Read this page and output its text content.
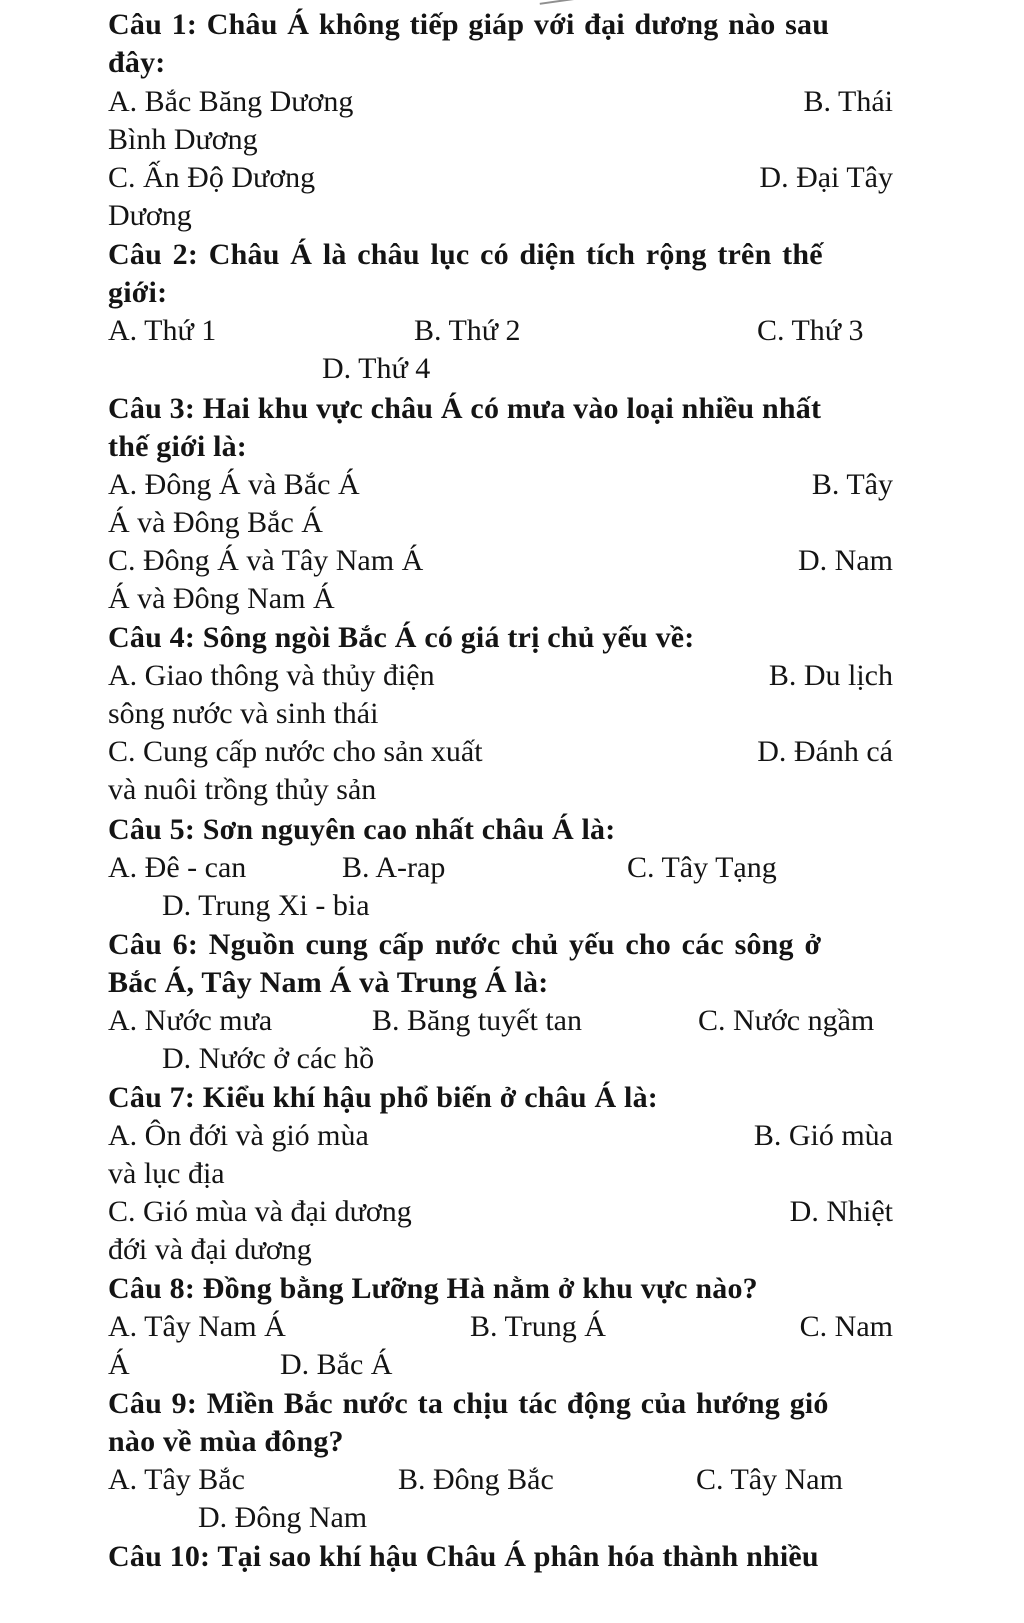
Câu 1: Châu Á không tiếp giáp với đại dương nào sau
đây:
A. Bắc Băng Dương	B. Thái
Bình Dương
C. Ấn Độ Dương	D. Đại Tây
Dương
Câu 2: Châu Á là châu lục có diện tích rộng trên thế
giới:
A. Thứ 1	B. Thứ 2	C. Thứ 3
D. Thứ 4
Câu 3: Hai khu vực châu Á có mưa vào loại nhiều nhất
thế giới là:
A. Đông Á và Bắc Á	B. Tây
Á và Đông Bắc Á
C. Đông Á và Tây Nam Á	D. Nam
Á và Đông Nam Á
Câu 4: Sông ngòi Bắc Á có giá trị chủ yếu về:
A. Giao thông và thủy điện	B. Du lịch
sông nước và sinh thái
C. Cung cấp nước cho sản xuất	D. Đánh cá
và nuôi trồng thủy sản
Câu 5: Sơn nguyên cao nhất châu Á là:
A. Đê - can	B. A-rap	C. Tây Tạng
D. Trung Xi - bia
Câu 6: Nguồn cung cấp nước chủ yếu cho các sông ở
Bắc Á, Tây Nam Á và Trung Á là:
A. Nước mưa	B. Băng tuyết tan	C. Nước ngầm
D. Nước ở các hồ
Câu 7: Kiểu khí hậu phổ biến ở châu Á là:
A. Ôn đới và gió mùa	B. Gió mùa
và lục địa
C. Gió mùa và đại dương	D. Nhiệt
đới và đại dương
Câu 8: Đồng bằng Lưỡng Hà nằm ở khu vực nào?
A. Tây Nam Á	B. Trung Á	C. Nam
Á	D. Bắc Á
Câu 9: Miền Bắc nước ta chịu tác động của hướng gió
nào về mùa đông?
A. Tây Bắc	B. Đông Bắc	C. Tây Nam
D. Đông Nam
Câu 10: Tại sao khí hậu Châu Á phân hóa thành nhiều
